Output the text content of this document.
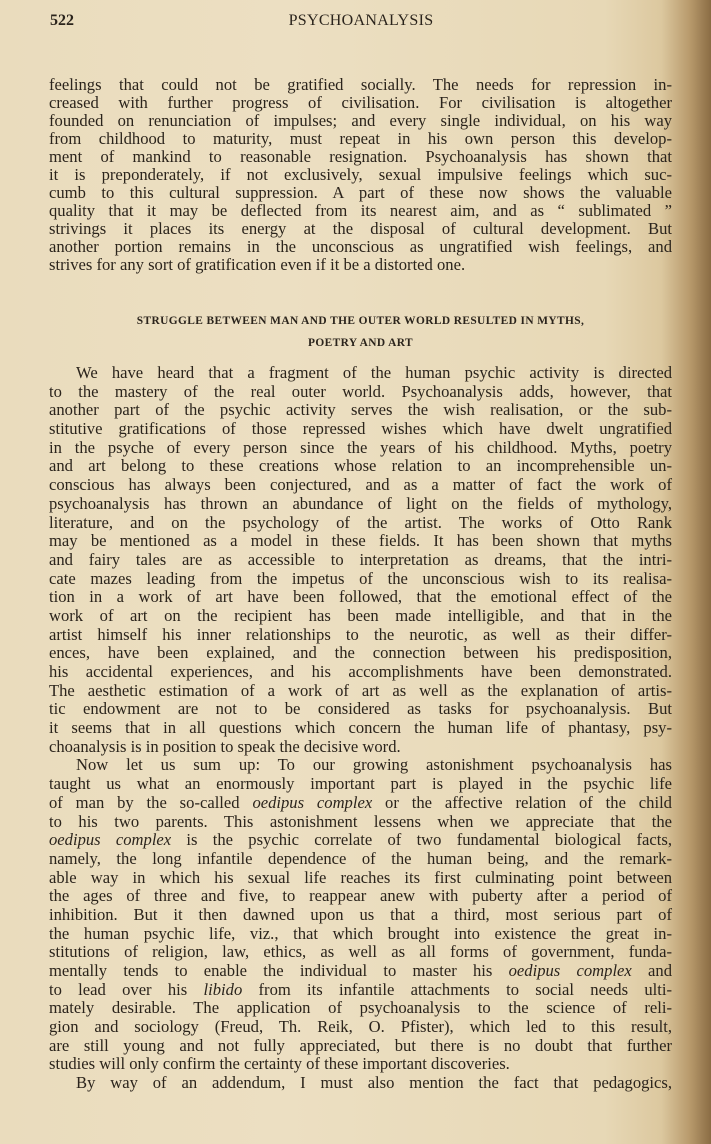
522	PSYCHOANALYSIS
feelings that could not be gratified socially. The needs for repression in-
creased with further progress of civilisation. For civilisation is altogether
founded on renunciation of impulses; and every single individual, on his way
from childhood to maturity, must repeat in his own person this develop-
ment of mankind to reasonable resignation. Psychoanalysis has shown that
it is preponderately, if not exclusively, sexual impulsive feelings which suc-
cumb to this cultural suppression. A part of these now shows the valuable
quality that it may be deflected from its nearest aim, and as “ sublimated ”
strivings it places its energy at the disposal of cultural development. But
another portion remains in the unconscious as ungratified wish feelings, and
strives for any sort of gratification even if it be a distorted one.
STRUGGLE BETWEEN MAN AND THE OUTER WORLD RESULTED IN MYTHS,
POETRY AND ART
We have heard that a fragment of the human psychic activity is directed
to the mastery of the real outer world. Psychoanalysis adds, however, that
another part of the psychic activity serves the wish realisation, or the sub-
stitutive gratifications of those repressed wishes which have dwelt ungratified
in the psyche of every person since the years of his childhood. Myths, poetry
and art belong to these creations whose relation to an incomprehensible un-
conscious has always been conjectured, and as a matter of fact the work of
psychoanalysis has thrown an abundance of light on the fields of mythology,
literature, and on the psychology of the artist. The works of Otto Rank
may be mentioned as a model in these fields. It has been shown that myths
and fairy tales are as accessible to interpretation as dreams, that the intri-
cate mazes leading from the impetus of the unconscious wish to its realisa-
tion in a work of art have been followed, that the emotional effect of the
work of art on the recipient has been made intelligible, and that in the
artist himself his inner relationships to the neurotic, as well as their differ-
ences, have been explained, and the connection between his predisposition,
his accidental experiences, and his accomplishments have been demonstrated.
The aesthetic estimation of a work of art as well as the explanation of artis-
tic endowment are not to be considered as tasks for psychoanalysis. But
it seems that in all questions which concern the human life of phantasy, psy-
choanalysis is in position to speak the decisive word.
Now let us sum up: To our growing astonishment psychoanalysis has
taught us what an enormously important part is played in the psychic life
of man by the so-called oedipus complex or the affective relation of the child
to his two parents. This astonishment lessens when we appreciate that the
oedipus complex is the psychic correlate of two fundamental biological facts,
namely, the long infantile dependence of the human being, and the remark-
able way in which his sexual life reaches its first culminating point between
the ages of three and five, to reappear anew with puberty after a period of
inhibition. But it then dawned upon us that a third, most serious part of
the human psychic life, viz., that which brought into existence the great in-
stitutions of religion, law, ethics, as well as all forms of government, funda-
mentally tends to enable the individual to master his oedipus complex and
to lead over his libido from its infantile attachments to social needs ulti-
mately desirable. The application of psychoanalysis to the science of reli-
gion and sociology (Freud, Th. Reik, O. Pfister), which led to this result,
are still young and not fully appreciated, but there is no doubt that further
studies will only confirm the certainty of these important discoveries.
By way of an addendum, I must also mention the fact that pedagogics,
